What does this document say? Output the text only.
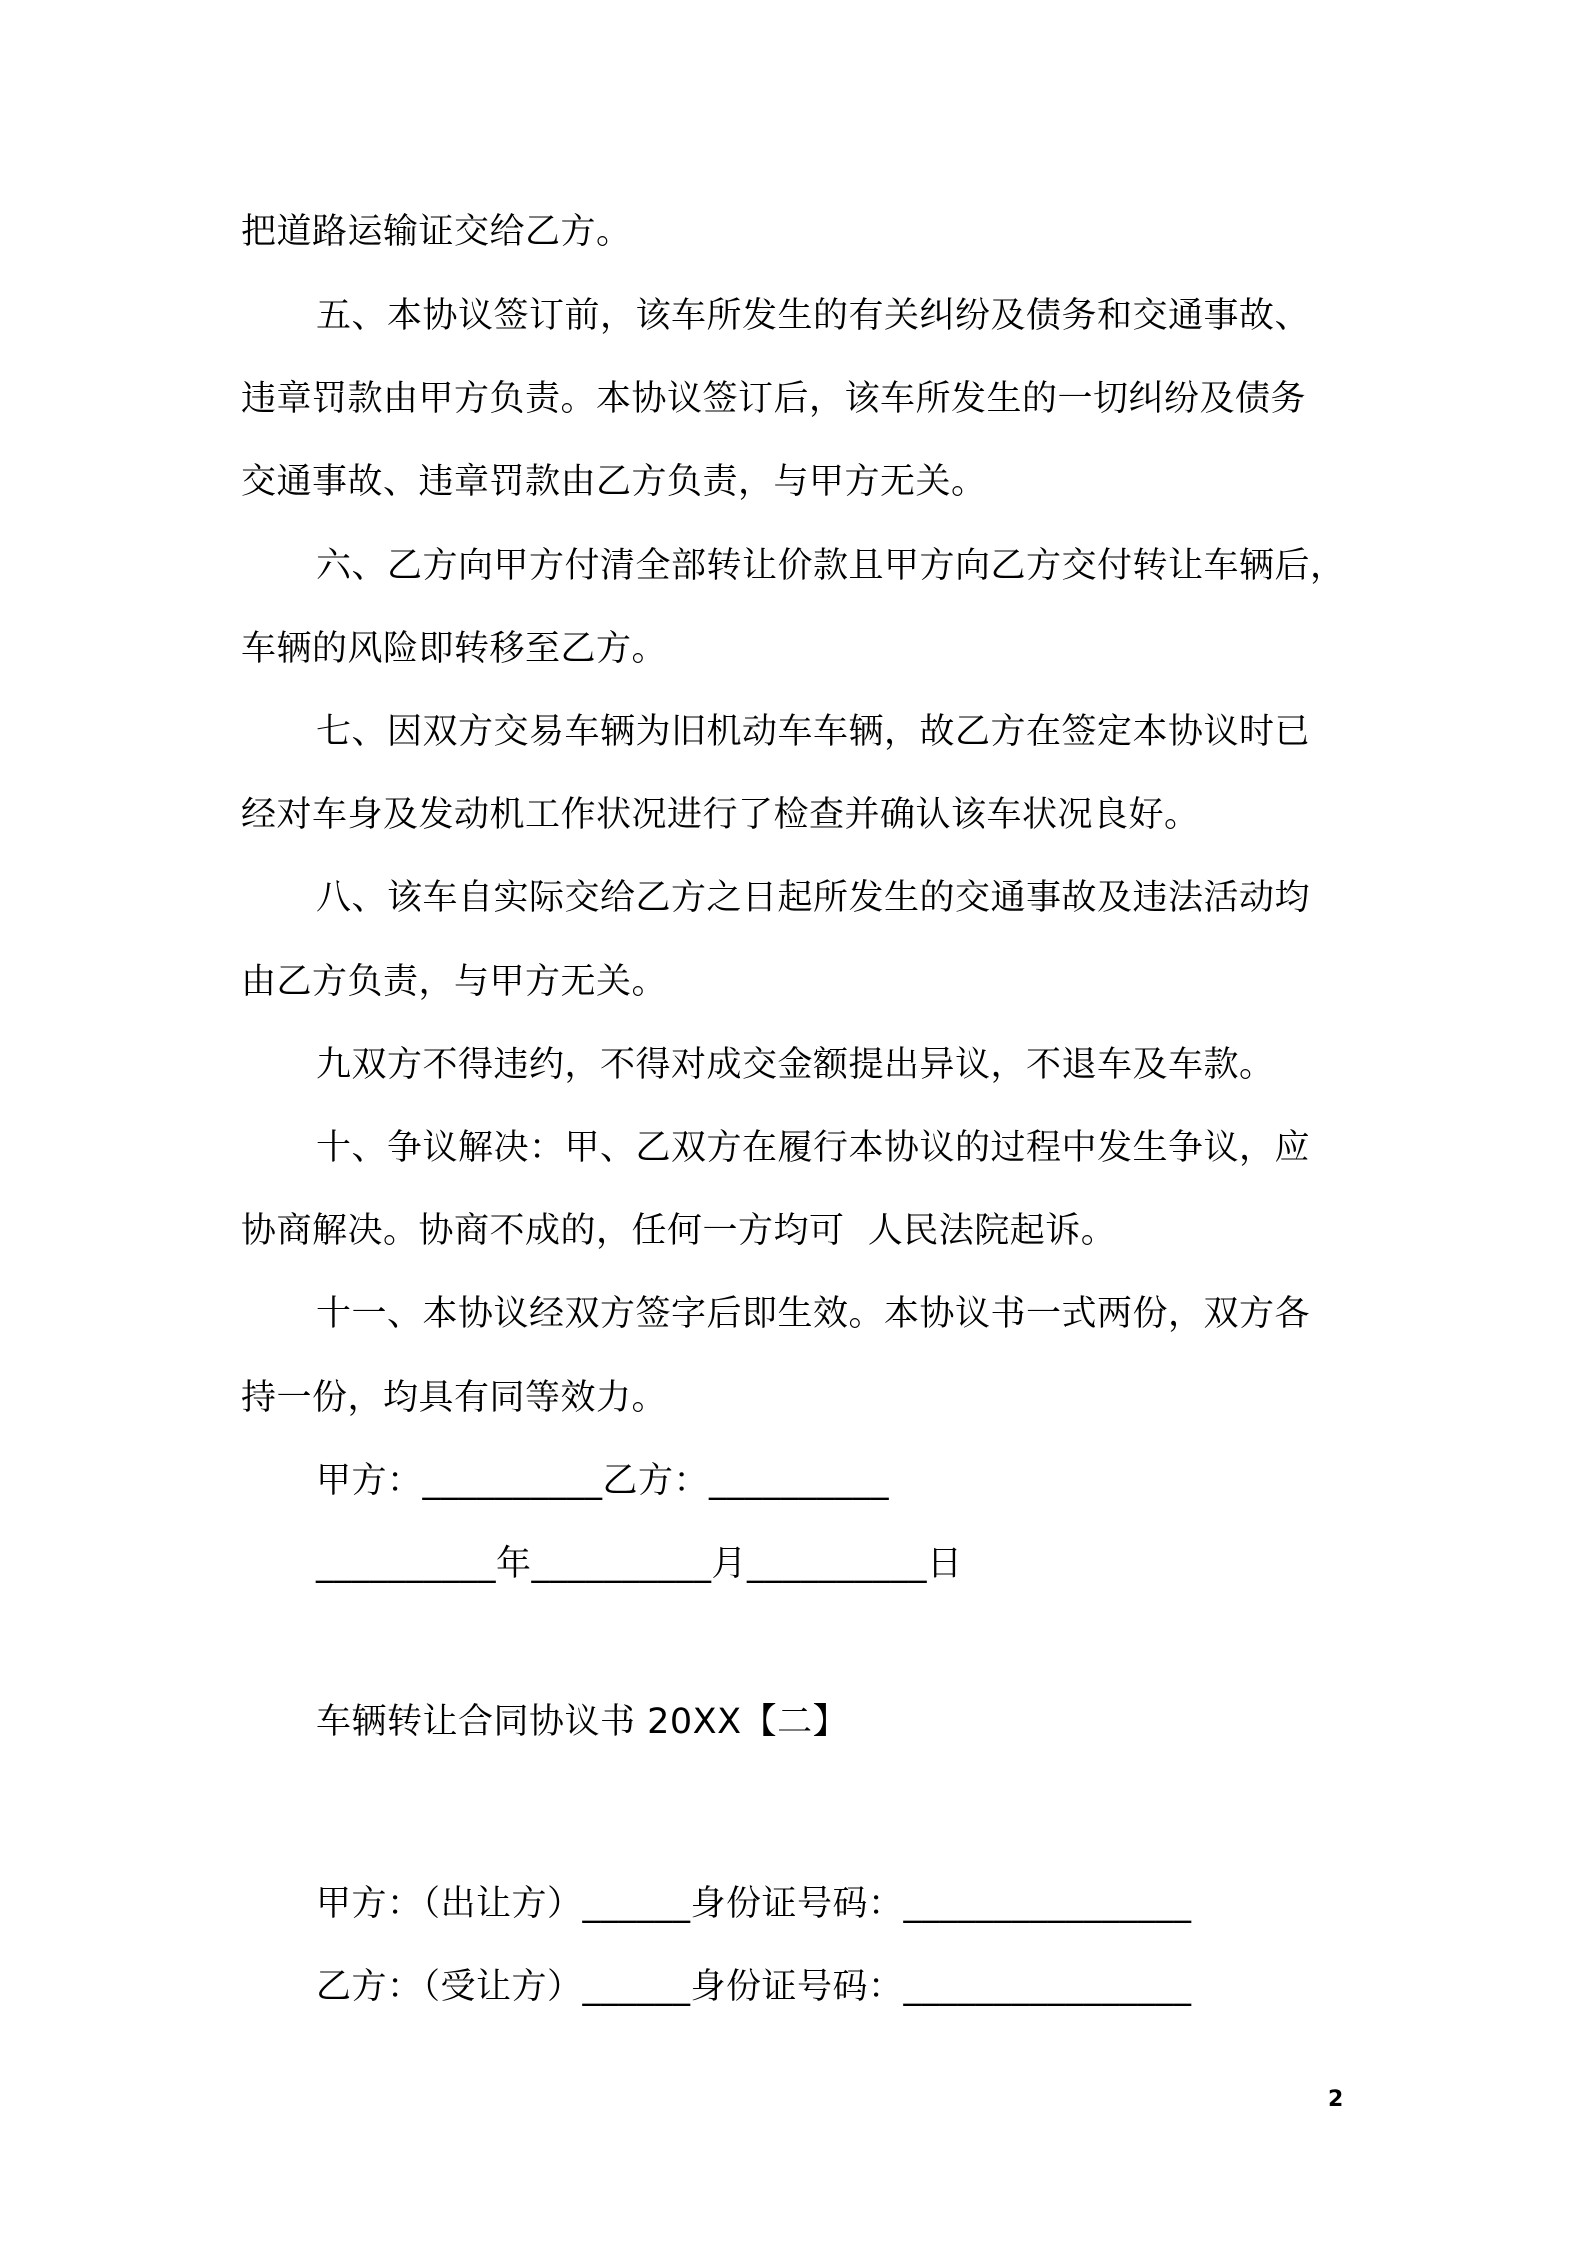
把道路运输证交给乙方。
五、本协议签订前，该车所发生的有关纠纷及债务和交通事故、
违章罚款由甲方负责。本协议签订后，该车所发生的一切纠纷及债务
交通事故、违章罚款由乙方负责，与甲方无关。
六、乙方向甲方付清全部转让价款且甲方向乙方交付转让车辆后，
车辆的风险即转移至乙方。
七、因双方交易车辆为旧机动车车辆，故乙方在签定本协议时已
经对车身及发动机工作状况进行了检查并确认该车状况良好。
八、该车自实际交给乙方之日起所发生的交通事故及违法活动均
由乙方负责，与甲方无关。
九双方不得违约，不得对成交金额提出异议，不退车及车款。
十、争议解决：甲、乙双方在履行本协议的过程中发生争议，应
协商解决。协商不成的，任何一方均可  人民法院起诉。
十一、本协议经双方签字后即生效。本协议书一式两份，双方各
持一份，均具有同等效力。
甲方：__________乙方：__________
__________年__________月__________日
车辆转让合同协议书 20XX【二】
甲方：（出让方）______身份证号码：________________
乙方：（受让方）______身份证号码：________________
2
